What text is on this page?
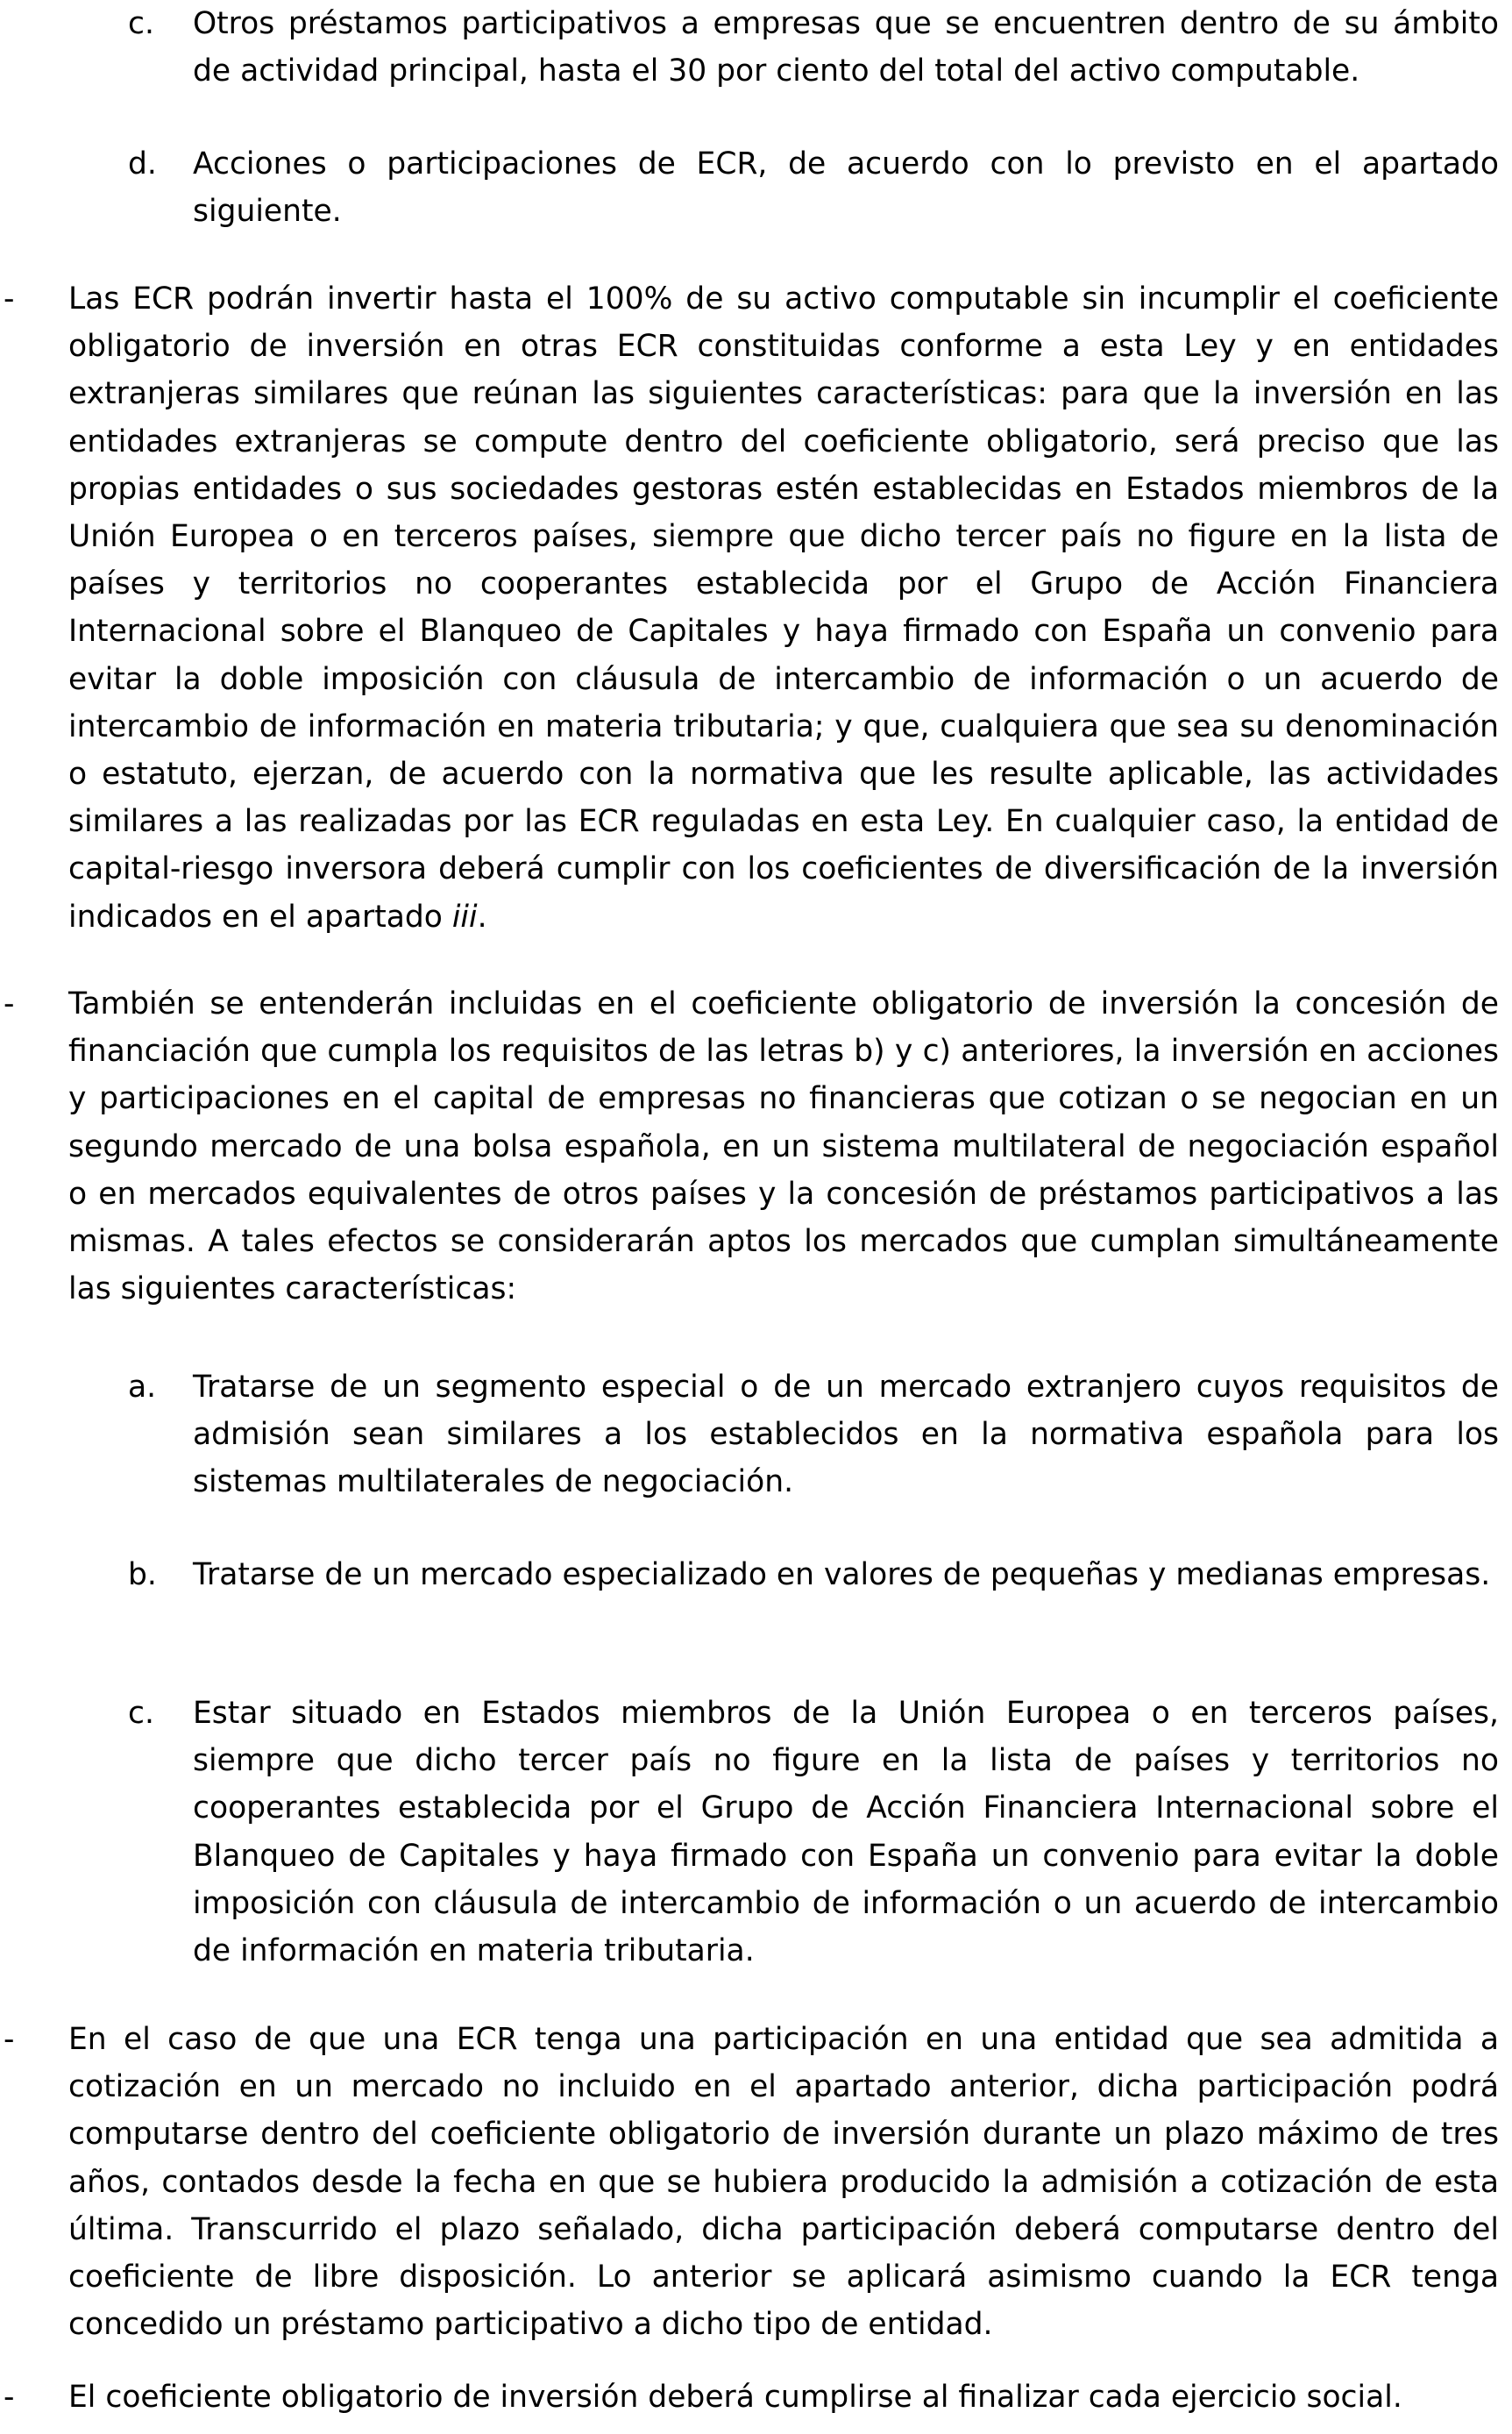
c. Otros préstamos participativos a empresas que se encuentren dentro de su ámbito de actividad principal, hasta el 30 por ciento del total del activo computable.
d. Acciones o participaciones de ECR, de acuerdo con lo previsto en el apartado siguiente.
- Las ECR podrán invertir hasta el 100% de su activo computable sin incumplir el coeficiente obligatorio de inversión en otras ECR constituidas conforme a esta Ley y en entidades extranjeras similares que reúnan las siguientes características: para que la inversión en las entidades extranjeras se compute dentro del coeficiente obligatorio, será preciso que las propias entidades o sus sociedades gestoras estén establecidas en Estados miembros de la Unión Europea o en terceros países, siempre que dicho tercer país no figure en la lista de países y territorios no cooperantes establecida por el Grupo de Acción Financiera Internacional sobre el Blanqueo de Capitales y haya firmado con España un convenio para evitar la doble imposición con cláusula de intercambio de información o un acuerdo de intercambio de información en materia tributaria; y que, cualquiera que sea su denominación o estatuto, ejerzan, de acuerdo con la normativa que les resulte aplicable, las actividades similares a las realizadas por las ECR reguladas en esta Ley. En cualquier caso, la entidad de capital-riesgo inversora deberá cumplir con los coeficientes de diversificación de la inversión indicados en el apartado iii.
- También se entenderán incluidas en el coeficiente obligatorio de inversión la concesión de financiación que cumpla los requisitos de las letras b) y c) anteriores, la inversión en acciones y participaciones en el capital de empresas no financieras que cotizan o se negocian en un segundo mercado de una bolsa española, en un sistema multilateral de negociación español o en mercados equivalentes de otros países y la concesión de préstamos participativos a las mismas. A tales efectos se considerarán aptos los mercados que cumplan simultáneamente las siguientes características:
a. Tratarse de un segmento especial o de un mercado extranjero cuyos requisitos de admisión sean similares a los establecidos en la normativa española para los sistemas multilaterales de negociación.
b. Tratarse de un mercado especializado en valores de pequeñas y medianas empresas.
c. Estar situado en Estados miembros de la Unión Europea o en terceros países, siempre que dicho tercer país no figure en la lista de países y territorios no cooperantes establecida por el Grupo de Acción Financiera Internacional sobre el Blanqueo de Capitales y haya firmado con España un convenio para evitar la doble imposición con cláusula de intercambio de información o un acuerdo de intercambio de información en materia tributaria.
- En el caso de que una ECR tenga una participación en una entidad que sea admitida a cotización en un mercado no incluido en el apartado anterior, dicha participación podrá computarse dentro del coeficiente obligatorio de inversión durante un plazo máximo de tres años, contados desde la fecha en que se hubiera producido la admisión a cotización de esta última. Transcurrido el plazo señalado, dicha participación deberá computarse dentro del coeficiente de libre disposición. Lo anterior se aplicará asimismo cuando la ECR tenga concedido un préstamo participativo a dicho tipo de entidad.
- El coeficiente obligatorio de inversión deberá cumplirse al finalizar cada ejercicio social.
